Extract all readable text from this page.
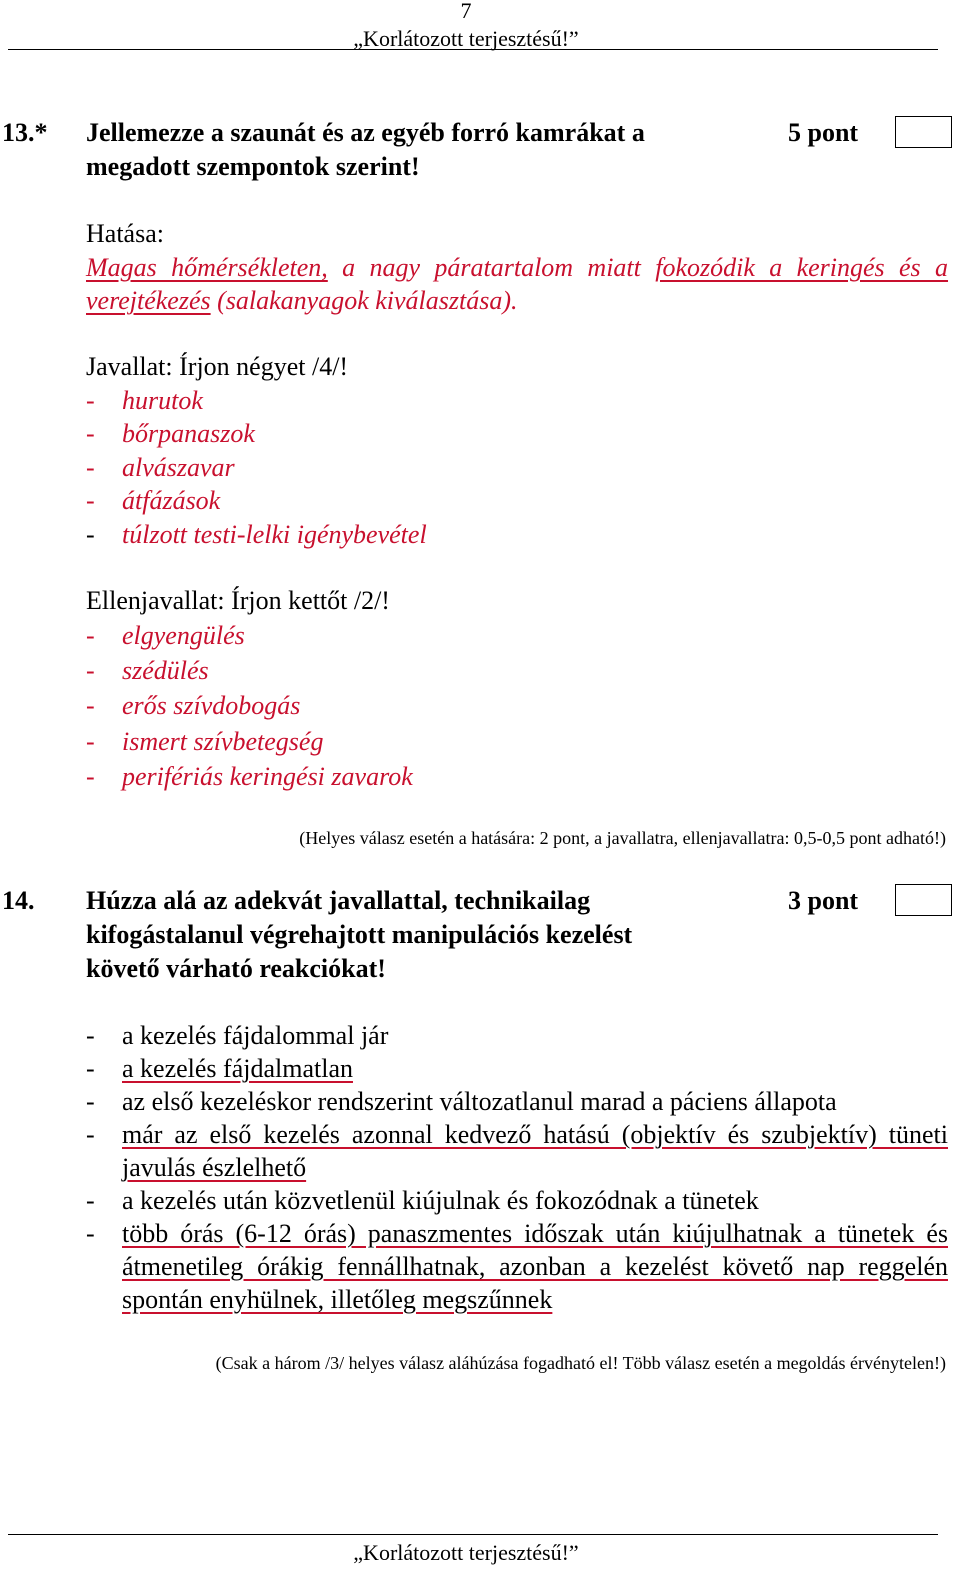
7
„Korlátozott terjesztésű!”
13.* Jellemezze a szaunát és az egyéb forró kamrákat a megadott szempontok szerint!
5 pont
Hatása:
Magas hőmérsékleten, a nagy páratartalom miatt fokozódik a keringés és a verejtékezés (salakanyagok kiválasztása).
Javallat: Írjon négyet /4/!
- hurutok
- bőrpanaszok
- alvászavar
- átfázások
- túlzott testi-lelki igénybevétel
Ellenjavallat: Írjon kettőt /2/!
- elgyengülés
- szédülés
- erős szívdobogás
- ismert szívbetegség
- perifériás keringési zavarok
(Helyes válasz esetén a hatására: 2 pont, a javallatra, ellenjavallatra: 0,5-0,5 pont adható!)
14. Húzza alá az adekvát javallattal, technikailag kifogástalanul végrehajtott manipulációs kezelést követő várható reakciókat!
3 pont
- a kezelés fájdalommal jár
- a kezelés fájdalmatlan
- az első kezeléskor rendszerint változatlanul marad a páciens állapota
- már az első kezelés azonnal kedvező hatású (objektív és szubjektív) tüneti javulás észlelhető
- a kezelés után közvetlenül kiújulnak és fokozódnak a tünetek
- több órás (6-12 órás) panaszmentes időszak után kiújulhatnak a tünetek és átmenetileg órákig fennállhatnak, azonban a kezelést követő nap reggelén spontán enyhülnek, illetőleg megszűnnek
(Csak a három /3/ helyes válasz aláhúzása fogadható el! Több válasz esetén a megoldás érvénytelen!)
„Korlátozott terjesztésű!”
